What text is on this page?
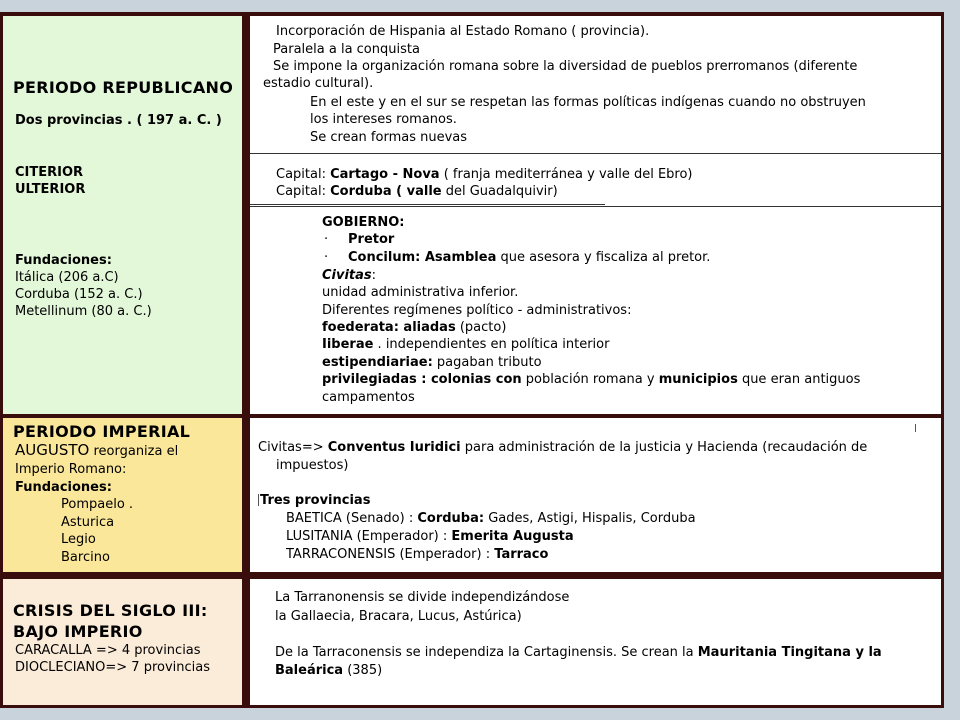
PERIODO REPUBLICANO
Dos provincias . ( 197 a. C. )
CITERIOR
ULTERIOR
Fundaciones:
Itálica (206 a.C)
Corduba (152 a. C.)
Metellinum (80 a. C.)
Incorporación de Hispania al Estado Romano ( provincia).
Paralela a la conquista
Se impone la organización romana sobre la diversidad de pueblos prerromanos (diferente
estadio cultural).
En el este y en el sur se respetan las formas políticas indígenas cuando no obstruyen
los intereses romanos.
Se crean formas nuevas
Capital: Cartago - Nova ( franja mediterránea y valle del Ebro)
Capital: Corduba ( valle del Guadalquivir)
GOBIERNO:
· Pretor
· Concilum: Asamblea que asesora y fiscaliza al pretor.
Civitas:
unidad administrativa inferior.
Diferentes regímenes político - administrativos:
foederata: aliadas (pacto)
Iiberae . independientes en política interior
estipendiariae: pagaban tributo
privilegiadas : colonias con población romana y municipios que eran antiguos
campamentos
PERIODO IMPERIAL
AUGUSTO reorganiza el
Imperio Romano:
Fundaciones:
Pompaelo .
Asturica
Legio
Barcino
Civitas=> Conventus Iuridici para administración de la justicia y Hacienda (recaudación de
impuestos)
Tres provincias
BAETICA (Senado) : Corduba: Gades, Astigi, Hispalis, Corduba
LUSITANIA (Emperador) : Emerita Augusta
TARRACONENSIS (Emperador) : Tarraco
CRISIS DEL SIGLO III:
BAJO IMPERIO
CARACALLA => 4 provincias
DIOCLECIANO=> 7 provincias
La Tarranonensis se divide independizándose
la Gallaecia, Bracara, Lucus, Astúrica)
De la Tarraconensis se independiza la Cartaginensis. Se crean la Mauritania Tingitana y la
Baleárica (385)
